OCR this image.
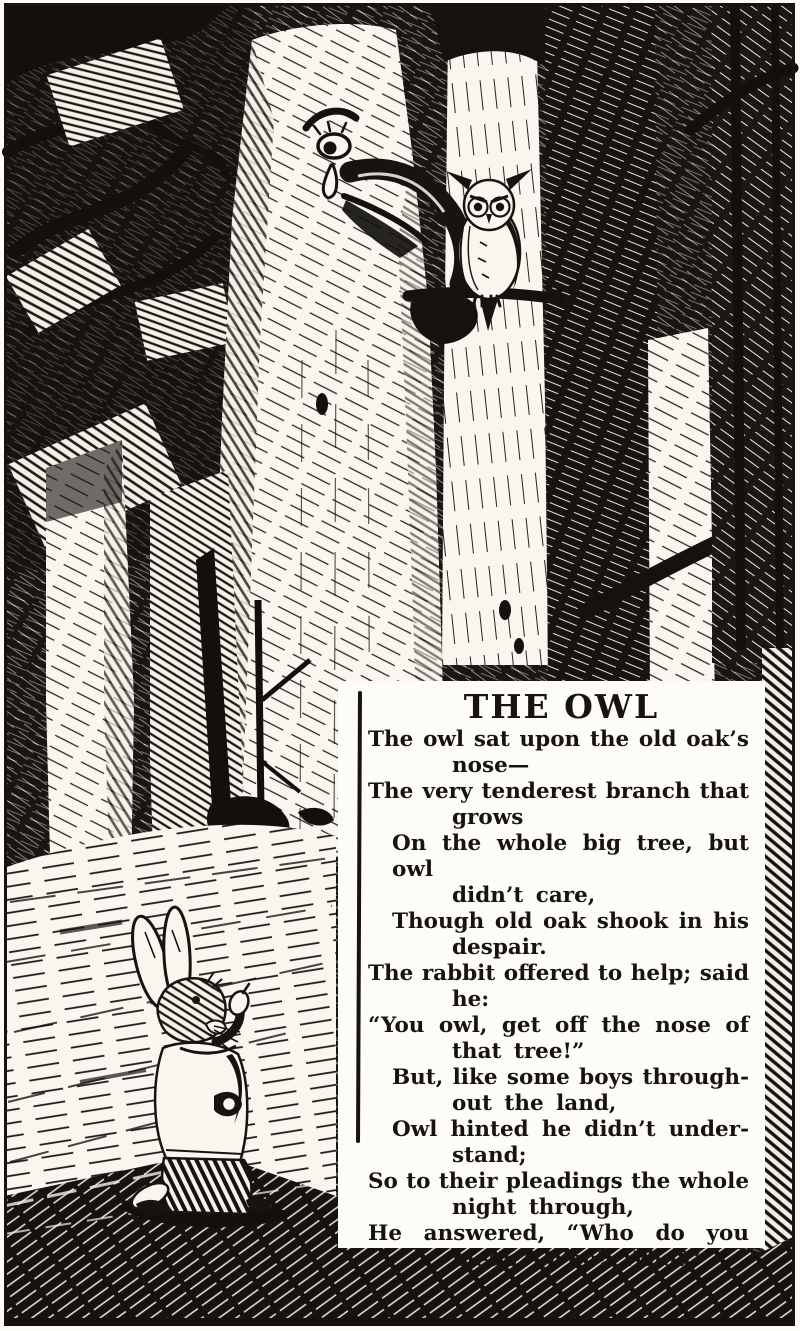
THE OWL
The owl sat upon the old oak’s
nose—
The very tenderest branch that
grows
On the whole big tree, but owl
didn’t care,
Though old oak shook in his
despair.
The rabbit offered to help; said
he:
“You owl, get off the nose of
that tree!”
But, like some boys through-
out the land,
Owl hinted he didn’t under-
stand;
So to their pleadings the whole
night through,
He answered, “Who do you
mean? Who? Who?”
